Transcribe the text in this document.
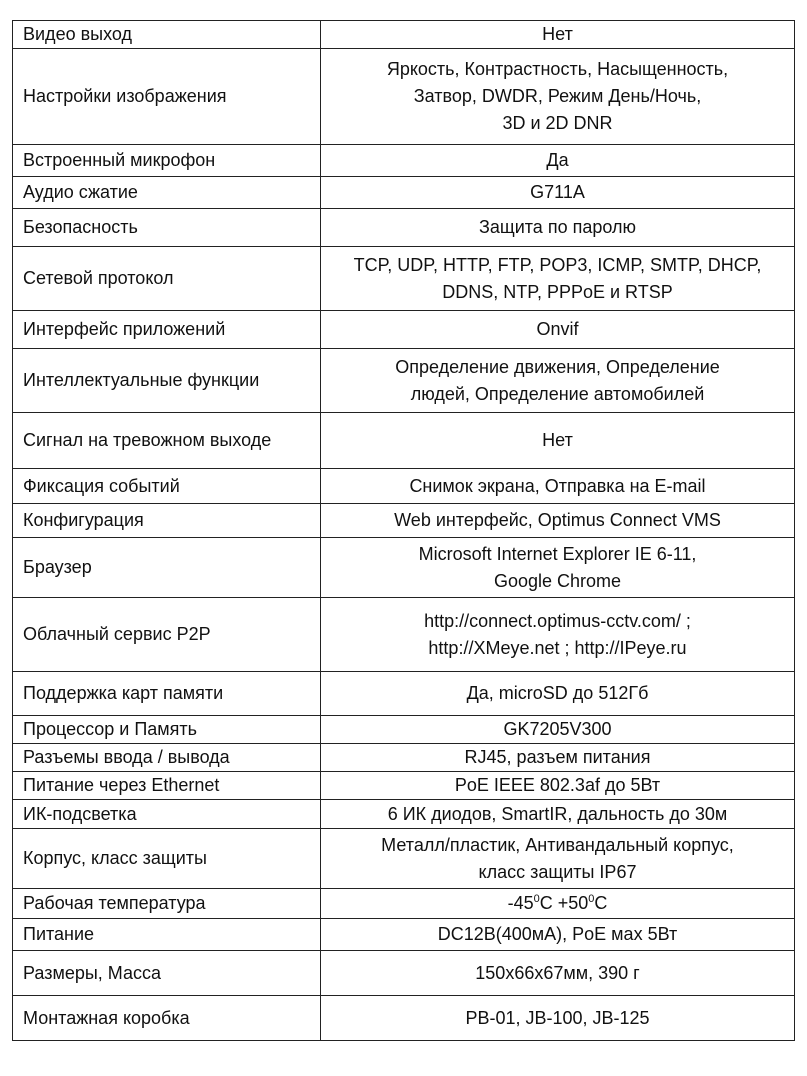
Видео выход	Нет

Настройки изображения	Яркость, Контрастность, Насыщенность,
Затвор, DWDR, Режим День/Ночь,
3D и 2D DNR

Встроенный микрофон	Да

Аудио сжатие	G711A

Безопасность	Защита по паролю

Сетевой протокол	TCP, UDP, HTTP, FTP, POP3, ICMP, SMTP, DHCP,
DDNS, NTP, PPPoE и RTSP

Интерфейс приложений	Onvif

Интеллектуальные функции	Определение движения, Определение
людей, Определение автомобилей

Сигнал на тревожном выходе	Нет

Фиксация событий	Снимок экрана, Отправка на E-mail

Конфигурация	Web интерфейс, Optimus Connect VMS

Браузер	Microsoft Internet Explorer IE 6-11,
Google Chrome

Облачный сервис P2P	http://connect.optimus-cctv.com/ ;
http://XMeye.net ; http://IPeye.ru

Поддержка карт памяти	Да, microSD до 512Гб

Процессор и Память	GK7205V300

Разъемы ввода / вывода	RJ45, разъем питания

Питание через Ethernet	PoE IEEE 802.3af до 5Вт

ИК-подсветка	6 ИК диодов, SmartIR, дальность до 30м

Корпус, класс защиты	Металл/пластик, Антивандальный корпус,
класс защиты IP67

Рабочая температура	$-45^0C +50^0C$

Питание	DC12В(400мА), PoE мах 5Вт

Размеры, Масса	150х66х67мм, 390 г

Монтажная коробка	PB-01, JB-100, JB-125
